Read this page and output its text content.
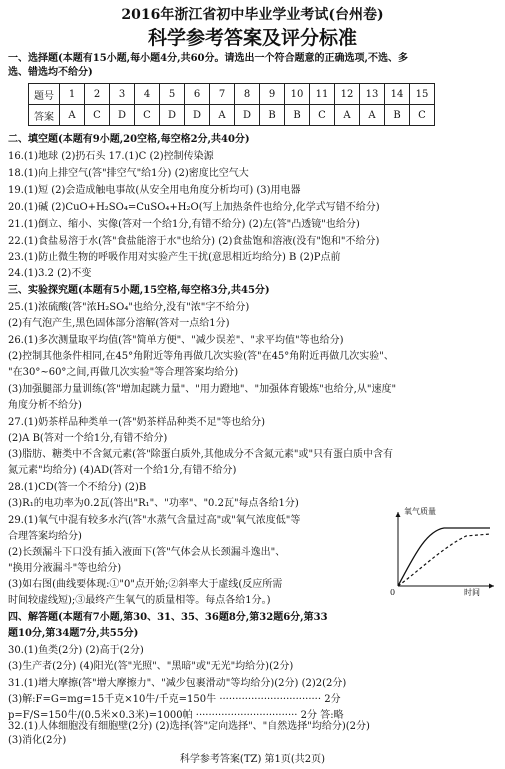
2016年浙江省初中毕业学业考试(台州卷)
科学参考答案及评分标准
一、选择题(本题有15小题,每小题4分,共60分。请选出一个符合题意的正确选项,不选、多
选、错选均不给分)
题号	1	2	3	4	5	6	7	8	9	10	11	12	13	14	15
答案	A	C	D	C	D	D	A	D	B	B	C	A	A	B	C
二、填空题(本题有9小题,20空格,每空格2分,共40分)
16.(1)地球 (2)扔石头 17.(1)C (2)控制传染源
18.(1)向上排空气(答"排空气"给1分) (2)密度比空气大
19.(1)短 (2)会造成触电事故(从安全用电角度分析均可) (3)用电器
20.(1)碱 (2)CuO+H₂SO₄=CuSO₄+H₂O(写上加热条件也给分,化学式写错不给分)
21.(1)倒立、缩小、实像(答对一个给1分,有错不给分) (2)左(答"凸透镜"也给分)
22.(1)食盐易溶于水(答"食盐能溶于水"也给分) (2)食盐饱和溶液(没有"饱和"不给分)
23.(1)防止微生物的呼吸作用对实验产生干扰(意思相近均给分) B (2)P点前
24.(1)3.2 (2)不变
三、实验探究题(本题有5小题,15空格,每空格3分,共45分)
25.(1)浓硫酸(答"浓H₂SO₄"也给分,没有"浓"字不给分)
(2)有气泡产生,黑色固体部分溶解(答对一点给1分)
26.(1)多次测量取平均值(答"简单方便"、"减少误差"、"求平均值"等也给分)
(2)控制其他条件相同,在45°角附近等角再做几次实验(答"在45°角附近再做几次实验"、
"在30°~60°之间,再做几次实验"等合理答案均给分)
(3)加强腿部力量训练(答"增加起跳力量"、"用力蹬地"、"加强体育锻炼"也给分,从"速度"
角度分析不给分)
27.(1)奶茶样品种类单一(答"奶茶样品种类不足"等也给分)
(2)A B(答对一个给1分,有错不给分)
(3)脂肪、糖类中不含氮元素(答"除蛋白质外,其他成分不含氮元素"或"只有蛋白质中含有
氮元素"均给分) (4)AD(答对一个给1分,有错不给分)
28.(1)CD(答一个不给分) (2)B
(3)R₁的电功率为0.2瓦(答出"R₁"、"功率"、"0.2瓦"每点各给1分)
29.(1)氧气中混有较多水汽(答"水蒸气含量过高"或"氧气浓度低"等
合理答案均给分)
(2)长颈漏斗下口没有插入液面下(答"气体会从长颈漏斗逸出"、
"换用分液漏斗"等也给分)
(3)如右图(曲线要体现:①"0"点开始;②斜率大于虚线(反应所需
时间较虚线短);③最终产生氧气的质量相等。每点各给1分。)
氧气质量
时间
0
四、解答题(本题有7小题,第30、31、35、36题8分,第32题6分,第33
题10分,第34题7分,共55分)
30.(1)鱼类(2分) (2)高于(2分)
(3)生产者(2分) (4)阳光(答"光照"、"黑暗"或"无光"均给分)(2分)
31.(1)增大摩擦(答"增大摩擦力"、"减少包裹滑动"等均给分)(2分) (2)2(2分)
(3)解:F=G=mg=15千克×10牛/千克=150牛 ································ 2分
p=F/S=150牛/(0.5米×0.3米)=1000帕 ································ 2分 答:略
32.(1)人体细胞没有细胞壁(2分) (2)选择(答"定向选择"、"自然选择"均给分)(2分)
(3)消化(2分)
科学参考答案(TZ) 第1页(共2页)
